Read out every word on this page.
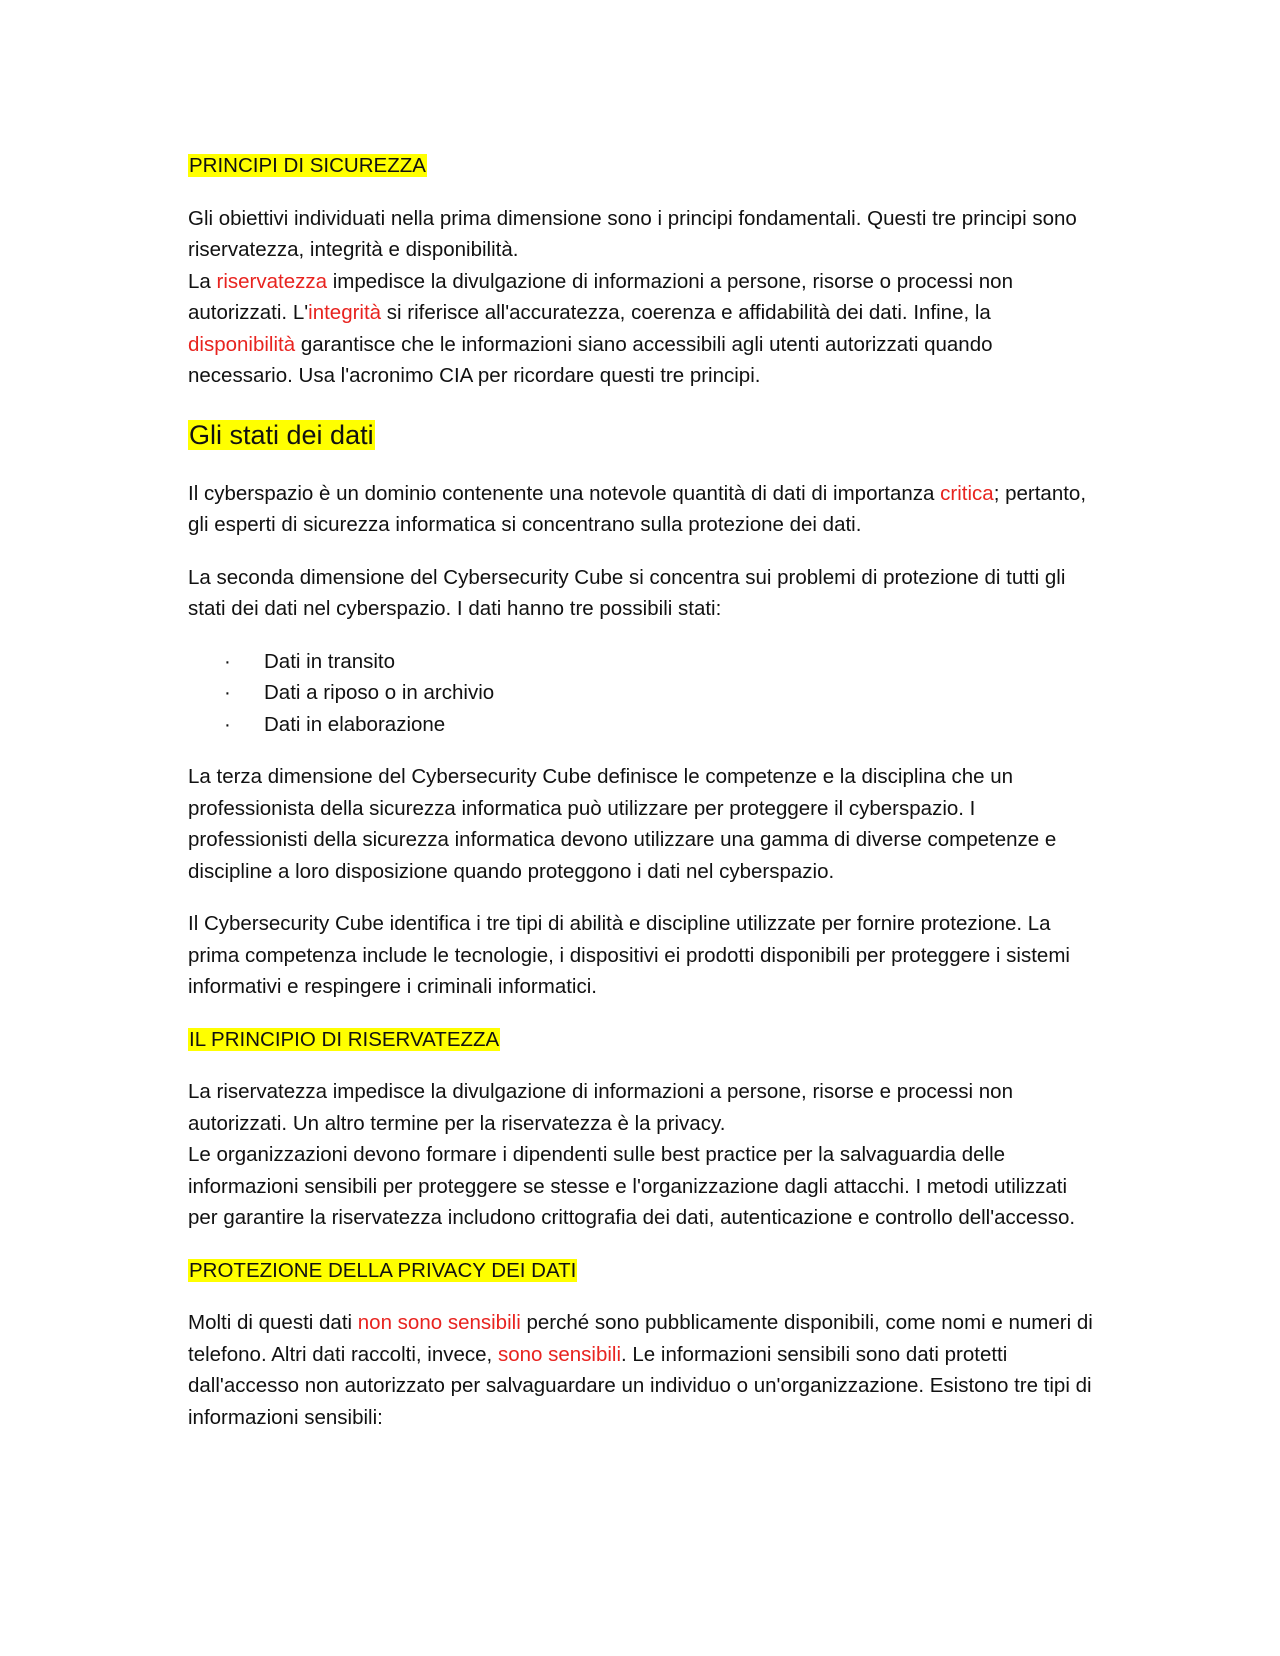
PRINCIPI DI SICUREZZA

Gli obiettivi individuati nella prima dimensione sono i principi fondamentali. Questi tre principi sono riservatezza, integrità e disponibilità.
La riservatezza impedisce la divulgazione di informazioni a persone, risorse o processi non autorizzati. L'integrità si riferisce all'accuratezza, coerenza e affidabilità dei dati. Infine, la disponibilità garantisce che le informazioni siano accessibili agli utenti autorizzati quando necessario. Usa l'acronimo CIA per ricordare questi tre principi.

Gli stati dei dati

Il cyberspazio è un dominio contenente una notevole quantità di dati di importanza critica; pertanto, gli esperti di sicurezza informatica si concentrano sulla protezione dei dati.

La seconda dimensione del Cybersecurity Cube si concentra sui problemi di protezione di tutti gli stati dei dati nel cyberspazio. I dati hanno tre possibili stati:

· Dati in transito
· Dati a riposo o in archivio
· Dati in elaborazione

La terza dimensione del Cybersecurity Cube definisce le competenze e la disciplina che un professionista della sicurezza informatica può utilizzare per proteggere il cyberspazio. I professionisti della sicurezza informatica devono utilizzare una gamma di diverse competenze e discipline a loro disposizione quando proteggono i dati nel cyberspazio.

Il Cybersecurity Cube identifica i tre tipi di abilità e discipline utilizzate per fornire protezione. La prima competenza include le tecnologie, i dispositivi ei prodotti disponibili per proteggere i sistemi informativi e respingere i criminali informatici.

IL PRINCIPIO DI RISERVATEZZA

La riservatezza impedisce la divulgazione di informazioni a persone, risorse e processi non autorizzati. Un altro termine per la riservatezza è la privacy.
Le organizzazioni devono formare i dipendenti sulle best practice per la salvaguardia delle informazioni sensibili per proteggere se stesse e l'organizzazione dagli attacchi. I metodi utilizzati per garantire la riservatezza includono crittografia dei dati, autenticazione e controllo dell'accesso.

PROTEZIONE DELLA PRIVACY DEI DATI

Molti di questi dati non sono sensibili perché sono pubblicamente disponibili, come nomi e numeri di telefono. Altri dati raccolti, invece, sono sensibili. Le informazioni sensibili sono dati protetti dall'accesso non autorizzato per salvaguardare un individuo o un'organizzazione. Esistono tre tipi di informazioni sensibili:
